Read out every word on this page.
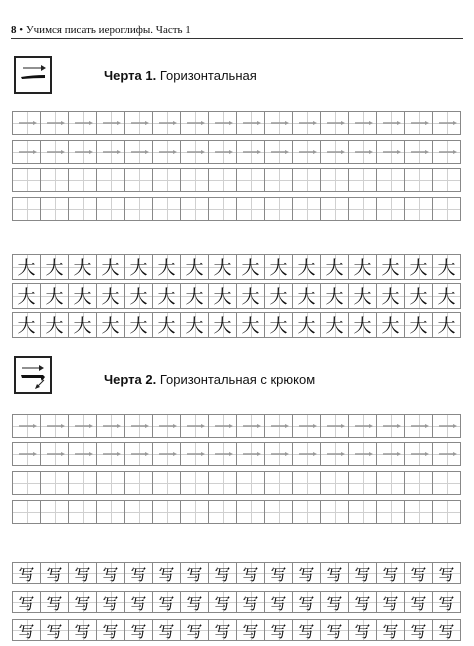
8 • Учимся писать иероглифы. Часть 1
Черта 1. Горизонтальная
大 大 大 大 大 大 大 大 大 大 大 大 大 大 大 大
大 大 大 大 大 大 大 大 大 大 大 大 大 大 大 大
大 大 大 大 大 大 大 大 大 大 大 大 大 大 大 大
Черта 2. Горизонтальная с крюком
写 写 写 写 写 写 写 写 写 写 写 写 写 写 写 写
写 写 写 写 写 写 写 写 写 写 写 写 写 写 写 写
写 写 写 写 写 写 写 写 写 写 写 写 写 写 写 写
